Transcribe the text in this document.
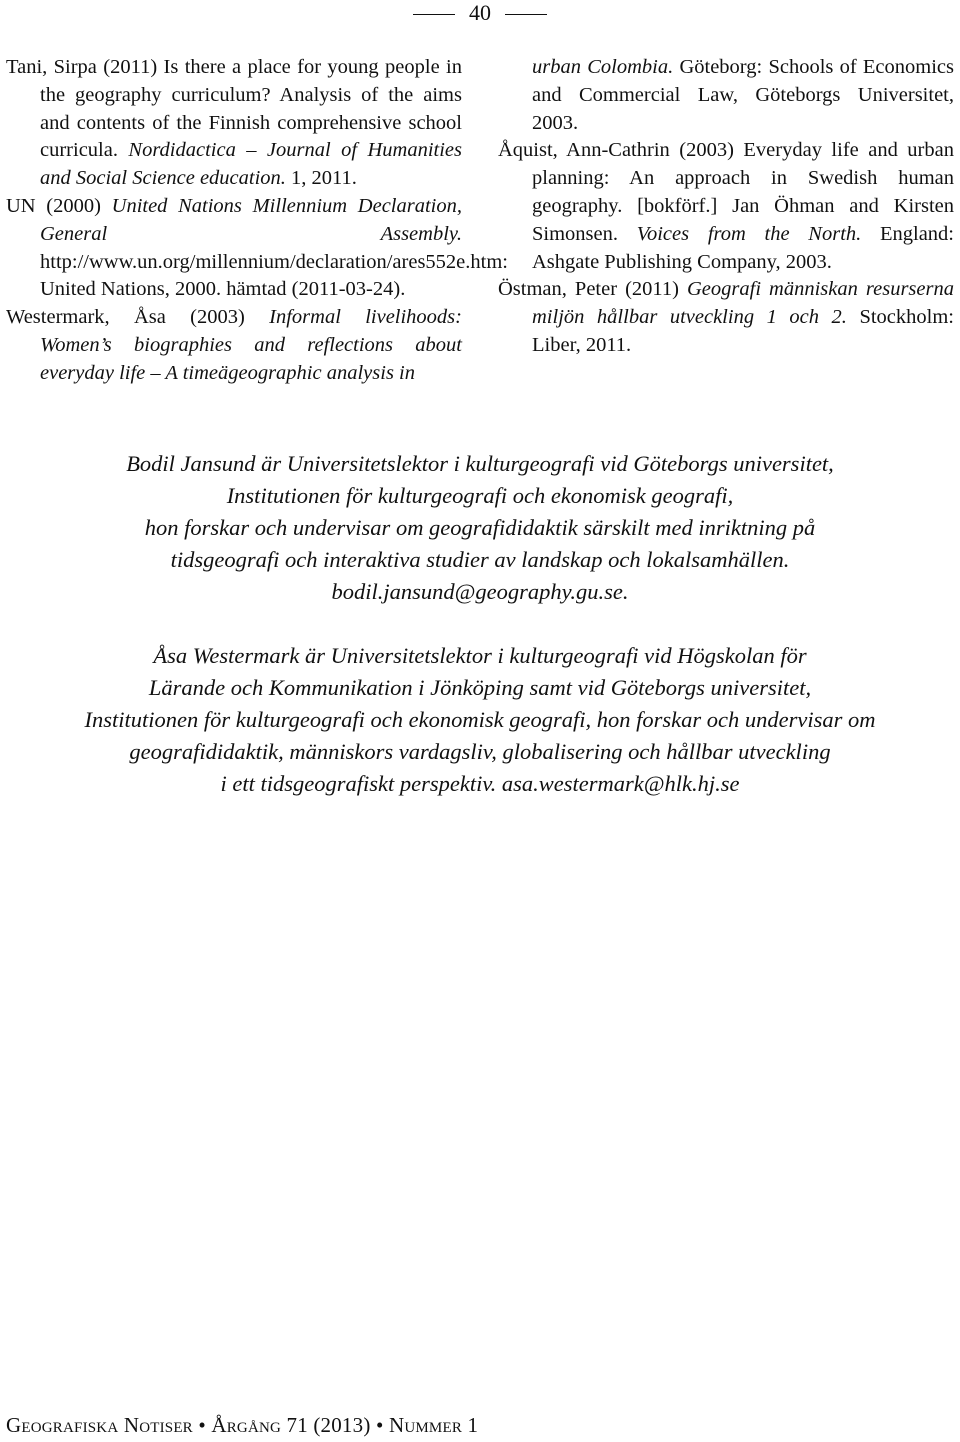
40

Tani, Sirpa (2011) Is there a place for young people in the geography curriculum? Analysis of the aims and contents of the Finnish comprehensive school curricula. Nordidactica – Journal of Humanities and Social Science education. 1, 2011.

UN (2000) United Nations Millennium Declaration, General Assembly. http://www.un.org/millennium/declaration/ares552e.htm: United Nations, 2000. hämtad (2011-03-24).

Westermark, Åsa (2003) Informal livelihoods: Women’s biographies and reflections about everyday life – A timeägeographic analysis in

urban Colombia. Göteborg: Schools of Economics and Commercial Law, Göteborgs Universitet, 2003.

Åquist, Ann-Cathrin (2003) Everyday life and urban planning: An approach in Swedish human geography. [bokförf.] Jan Öhman and Kirsten Simonsen. Voices from the North. England: Ashgate Publishing Company, 2003.

Östman, Peter (2011) Geografi människan resurserna miljön hållbar utveckling 1 och 2. Stockholm: Liber, 2011.

Bodil Jansund är Universitetslektor i kulturgeografi vid Göteborgs universitet,
Institutionen för kulturgeografi och ekonomisk geografi,
hon forskar och undervisar om geografididaktik särskilt med inriktning på
tidsgeografi och interaktiva studier av landskap och lokalsamhällen.
bodil.jansund@geography.gu.se.
Åsa Westermark är Universitetslektor i kulturgeografi vid Högskolan för
Lärande och Kommunikation i Jönköping samt vid Göteborgs universitet,
Institutionen för kulturgeografi och ekonomisk geografi, hon forskar och undervisar om
geografididaktik, människors vardagsliv, globalisering och hållbar utveckling
i ett tidsgeografiskt perspektiv. asa.westermark@hlk.hj.se
Geografiska Notiser • Årgång 71 (2013) • Nummer 1
